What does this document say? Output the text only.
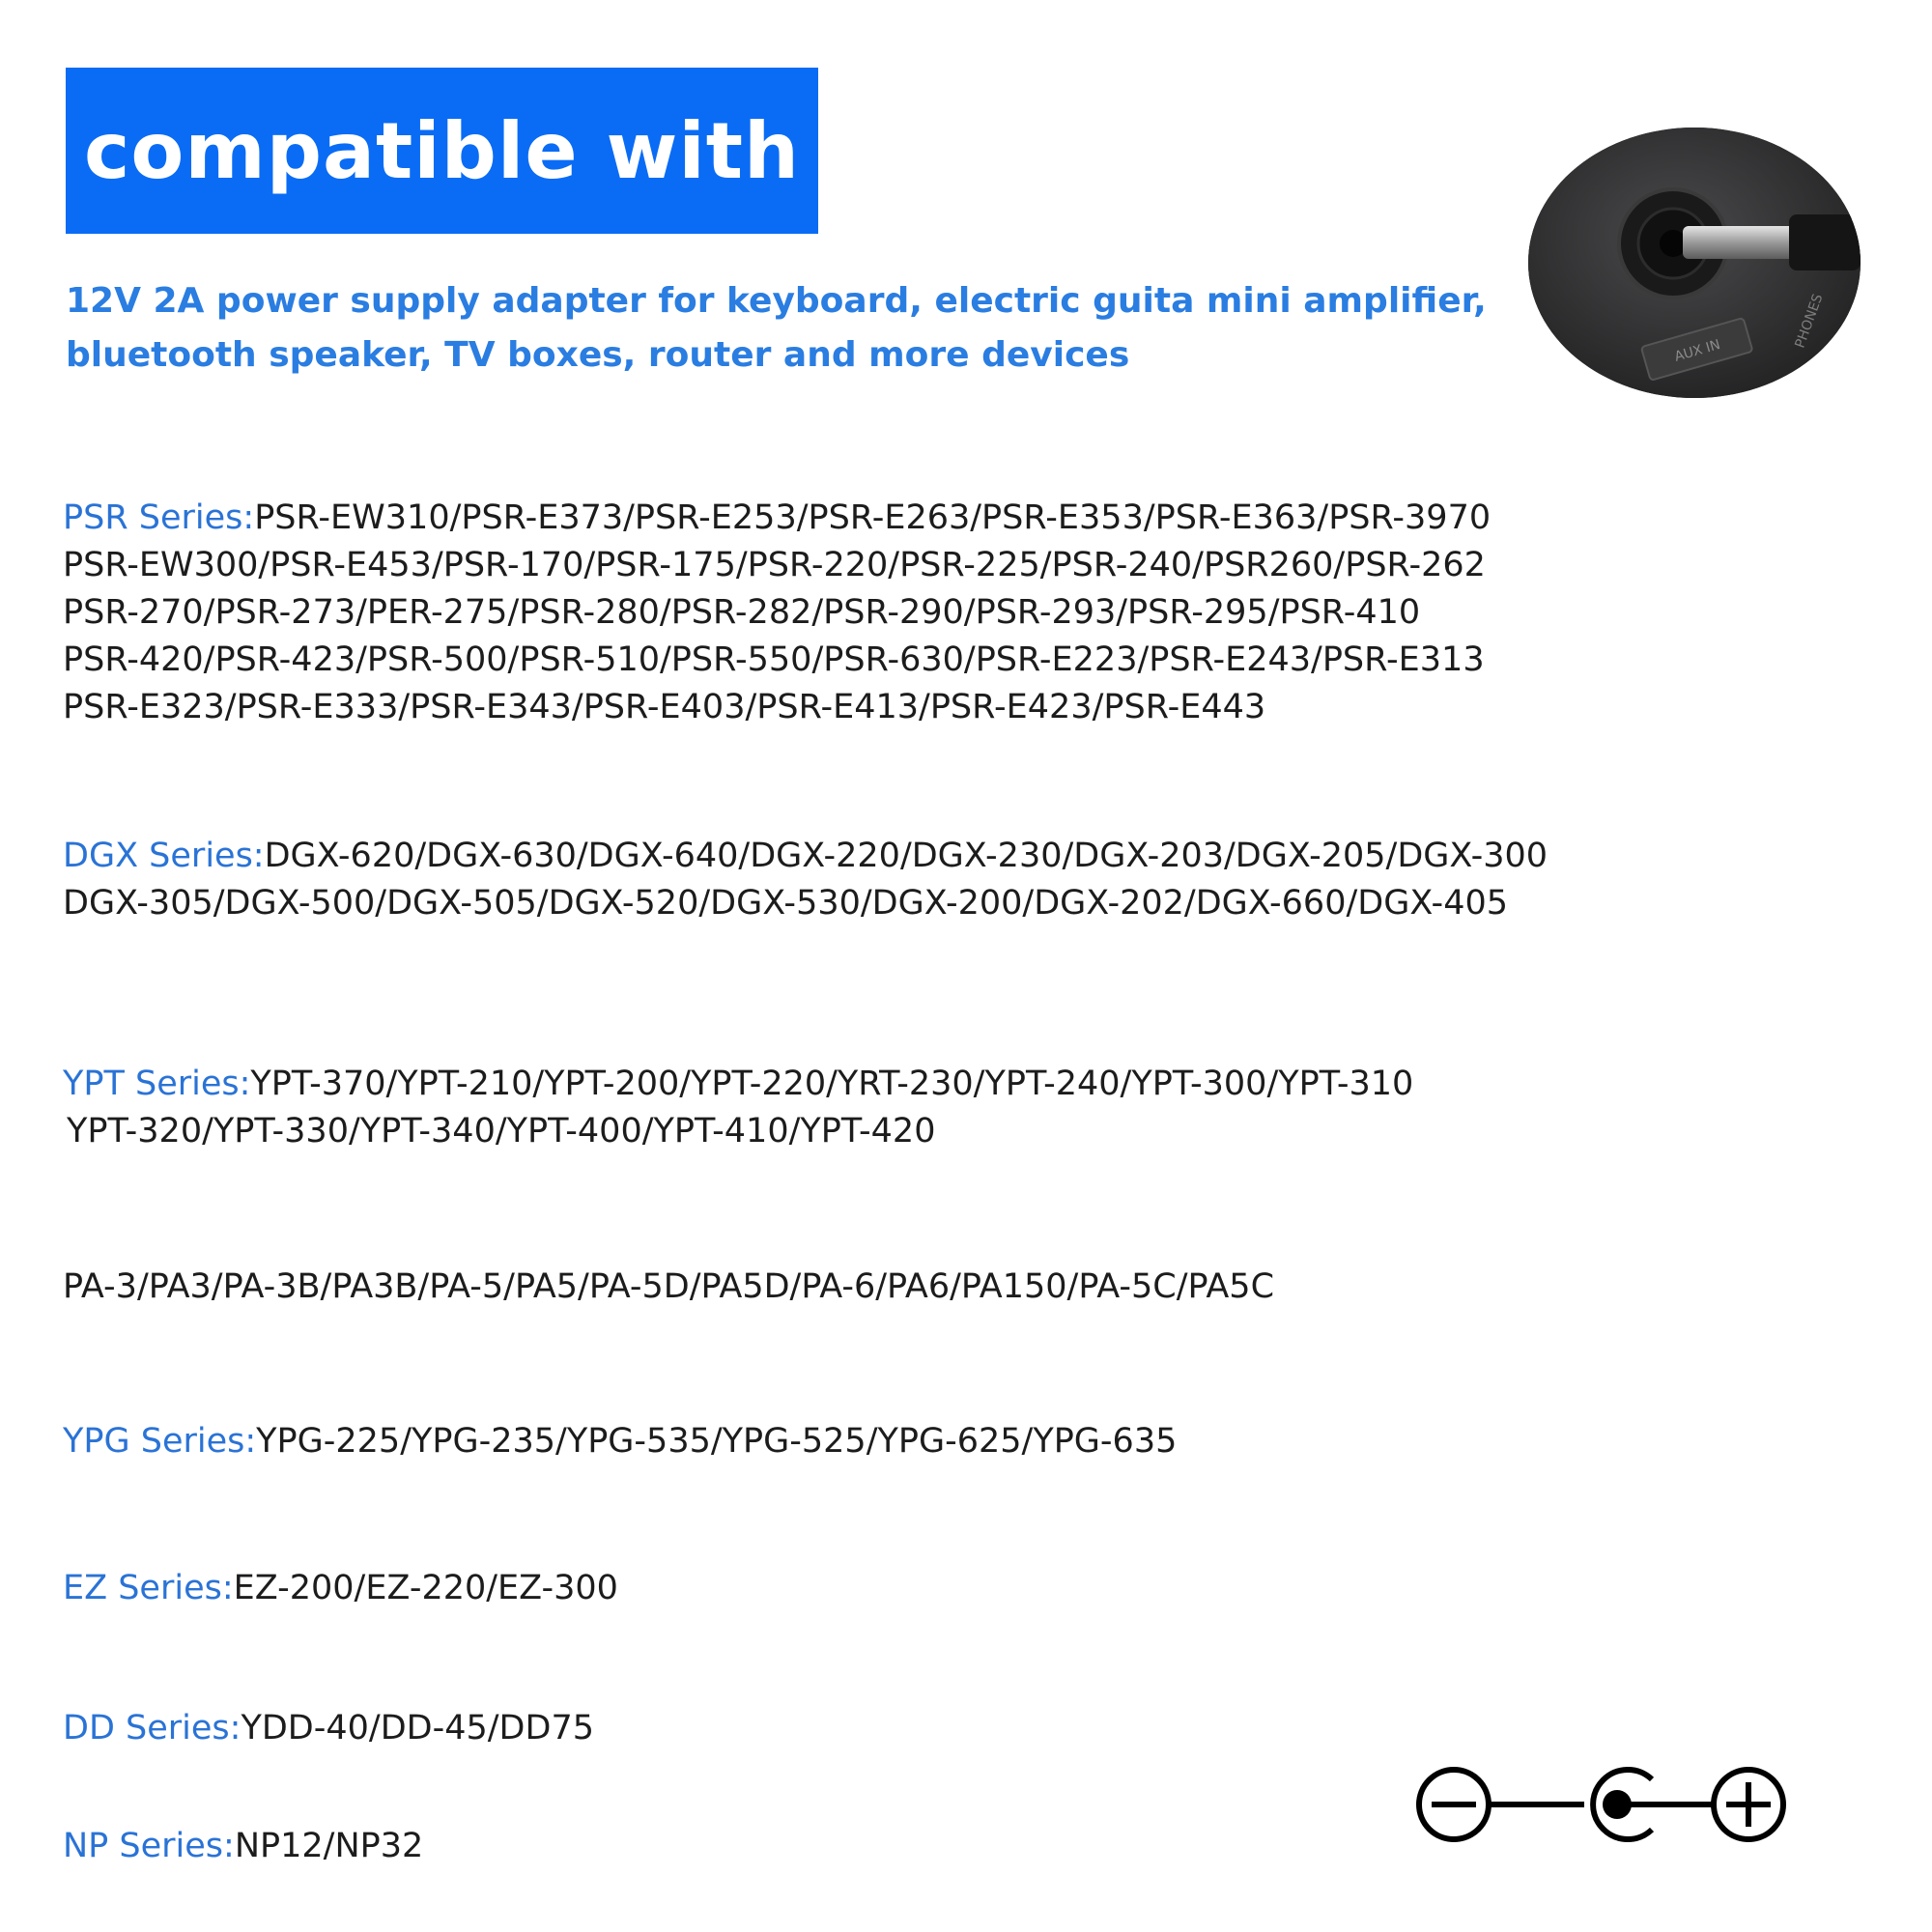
compatible with
12V 2A power supply adapter for keyboard, electric guita mini amplifier,
bluetooth speaker, TV boxes, router and more devices	AUX IN
PHONES
PSR Series:PSR-EW310/PSR-E373/PSR-E253/PSR-E263/PSR-E353/PSR-E363/PSR-3970
PSR-EW300/PSR-E453/PSR-170/PSR-175/PSR-220/PSR-225/PSR-240/PSR260/PSR-262
PSR-270/PSR-273/PER-275/PSR-280/PSR-282/PSR-290/PSR-293/PSR-295/PSR-410
PSR-420/PSR-423/PSR-500/PSR-510/PSR-550/PSR-630/PSR-E223/PSR-E243/PSR-E313
PSR-E323/PSR-E333/PSR-E343/PSR-E403/PSR-E413/PSR-E423/PSR-E443
DGX Series:DGX-620/DGX-630/DGX-640/DGX-220/DGX-230/DGX-203/DGX-205/DGX-300
DGX-305/DGX-500/DGX-505/DGX-520/DGX-530/DGX-200/DGX-202/DGX-660/DGX-405
YPT Series:YPT-370/YPT-210/YPT-200/YPT-220/YRT-230/YPT-240/YPT-300/YPT-310
YPT-320/YPT-330/YPT-340/YPT-400/YPT-410/YPT-420
PA-3/PA3/PA-3B/PA3B/PA-5/PA5/PA-5D/PA5D/PA-6/PA6/PA150/PA-5C/PA5C
YPG Series:YPG-225/YPG-235/YPG-535/YPG-525/YPG-625/YPG-635
EZ Series:EZ-200/EZ-220/EZ-300
DD Series:YDD-40/DD-45/DD75
NP Series:NP12/NP32
